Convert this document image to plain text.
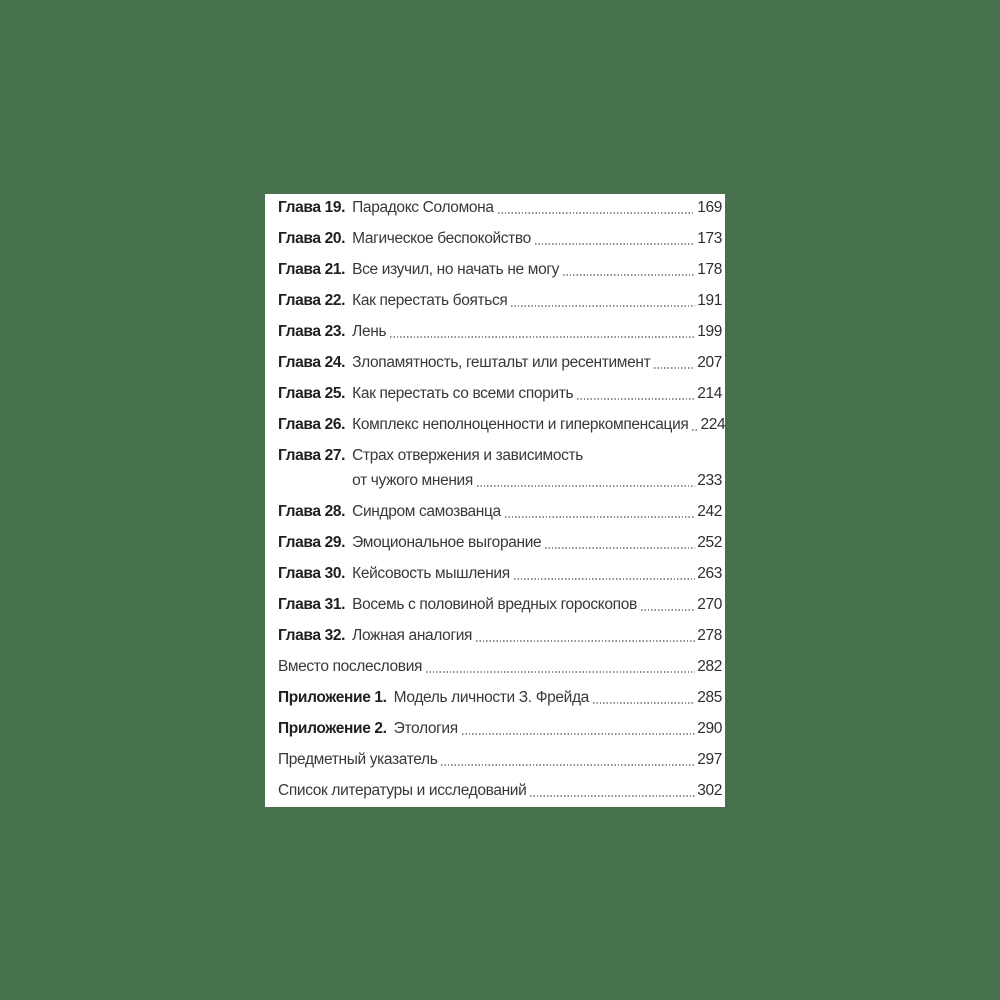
Глава 19. Парадокс Соломона	169
Глава 20. Магическое беспокойство	173
Глава 21. Все изучил, но начать не могу	178
Глава 22. Как перестать бояться	191
Глава 23. Лень	199
Глава 24. Злопамятность, гештальт или ресентимент	207
Глава 25. Как перестать со всеми спорить	214
Глава 26. Комплекс неполноценности и гиперкомпенсация 224
Глава 27. Страх отвержения и зависимость
от чужого мнения	233
Глава 28. Синдром самозванца	242
Глава 29. Эмоциональное выгорание	252
Глава 30. Кейсовость мышления	263
Глава 31. Восемь с половиной вредных гороскопов	270
Глава 32. Ложная аналогия	278
Вместо послесловия	282
Приложение 1. Модель личности З. Фрейда	285
Приложение 2. Этология	290
Предметный указатель	297
Список литературы и исследований	302
